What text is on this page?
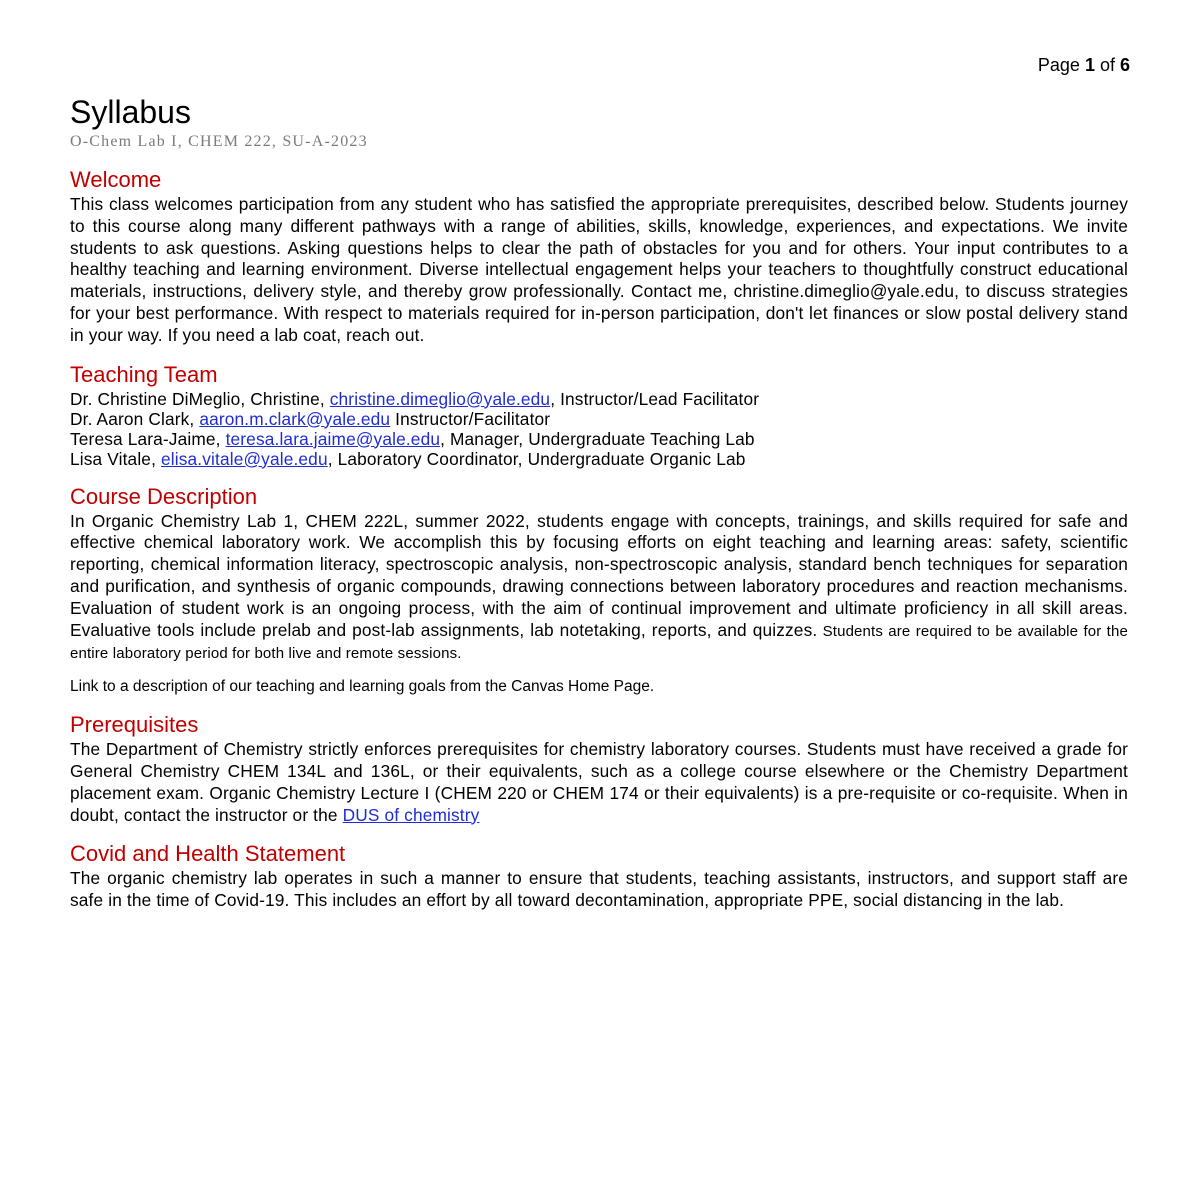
Page 1 of 6
Syllabus

O-Chem Lab I, CHEM 222, SU-A-2023

Welcome

This class welcomes participation from any student who has satisfied the appropriate prerequisites, described below. Students journey to this course along many different pathways with a range of abilities, skills, knowledge, experiences, and expectations. We invite students to ask questions. Asking questions helps to clear the path of obstacles for you and for others. Your input contributes to a healthy teaching and learning environment. Diverse intellectual engagement helps your teachers to thoughtfully construct educational materials, instructions, delivery style, and thereby grow professionally. Contact me, christine.dimeglio@yale.edu, to discuss strategies for your best performance. With respect to materials required for in-person participation, don't let finances or slow postal delivery stand in your way. If you need a lab coat, reach out.

Teaching Team

Dr. Christine DiMeglio, Christine, christine.dimeglio@yale.edu, Instructor/Lead Facilitator

Dr. Aaron Clark, aaron.m.clark@yale.edu Instructor/Facilitator

Teresa Lara-Jaime, teresa.lara.jaime@yale.edu, Manager, Undergraduate Teaching Lab

Lisa Vitale, elisa.vitale@yale.edu, Laboratory Coordinator, Undergraduate Organic Lab

Course Description

In Organic Chemistry Lab 1, CHEM 222L, summer 2022, students engage with concepts, trainings, and skills required for safe and effective chemical laboratory work. We accomplish this by focusing efforts on eight teaching and learning areas: safety, scientific reporting, chemical information literacy, spectroscopic analysis, non-spectroscopic analysis, standard bench techniques for separation and purification, and synthesis of organic compounds, drawing connections between laboratory procedures and reaction mechanisms. Evaluation of student work is an ongoing process, with the aim of continual improvement and ultimate proficiency in all skill areas. Evaluative tools include prelab and post-lab assignments, lab notetaking, reports, and quizzes. Students are required to be available for the entire laboratory period for both live and remote sessions.

Link to a description of our teaching and learning goals from the Canvas Home Page.

Prerequisites

The Department of Chemistry strictly enforces prerequisites for chemistry laboratory courses. Students must have received a grade for General Chemistry CHEM 134L and 136L, or their equivalents, such as a college course elsewhere or the Chemistry Department placement exam. Organic Chemistry Lecture I (CHEM 220 or CHEM 174 or their equivalents) is a pre-requisite or co-requisite. When in doubt, contact the instructor or the DUS of chemistry

Covid and Health Statement

The organic chemistry lab operates in such a manner to ensure that students, teaching assistants, instructors, and support staff are safe in the time of Covid-19. This includes an effort by all toward decontamination, appropriate PPE, social distancing in the lab.
